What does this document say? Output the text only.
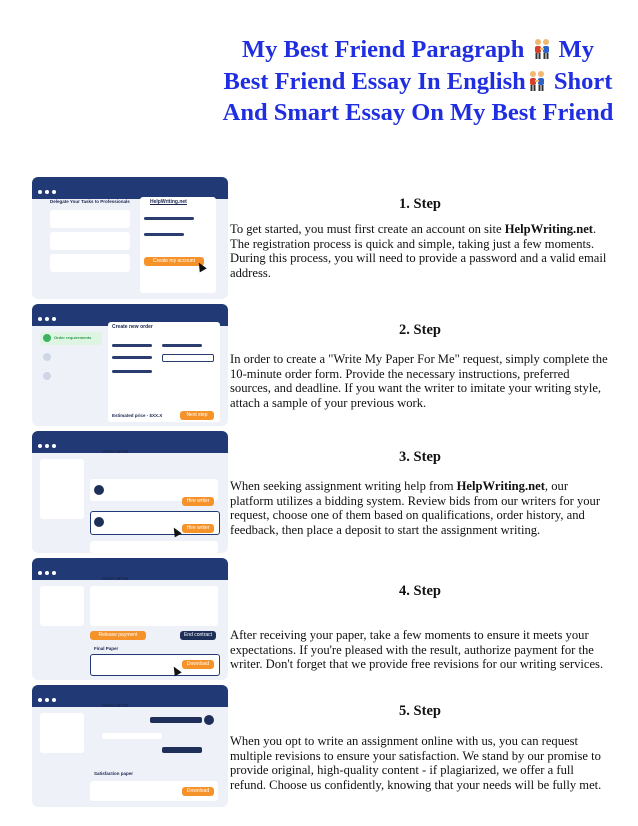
My Best Friend Paragraph  My Best Friend Essay In English Short And Smart Essay On My Best Friend
Delegate Your Tasks to Professionals	HelpWriting.net
Create my account
Order requirements
Create new order
Estimated price - $XX.X	Next step
Order 18726
Hire writer
Hire writer
Order 18726
Release payment	End contract
Final Paper
Download
Order 18726
Satisfaction paper
Download
1. Step

To get started, you must first create an account on site HelpWriting.net. The registration process is quick and simple, taking just a few moments. During this process, you will need to provide a password and a valid email address.

2. Step

In order to create a "Write My Paper For Me" request, simply complete the 10-minute order form. Provide the necessary instructions, preferred sources, and deadline. If you want the writer to imitate your writing style, attach a sample of your previous work.

3. Step

When seeking assignment writing help from HelpWriting.net, our platform utilizes a bidding system. Review bids from our writers for your request, choose one of them based on qualifications, order history, and feedback, then place a deposit to start the assignment writing.

4. Step

After receiving your paper, take a few moments to ensure it meets your expectations. If you're pleased with the result, authorize payment for the writer. Don't forget that we provide free revisions for our writing services.

5. Step

When you opt to write an assignment online with us, you can request multiple revisions to ensure your satisfaction. We stand by our promise to provide original, high-quality content - if plagiarized, we offer a full refund. Choose us confidently, knowing that your needs will be fully met.
